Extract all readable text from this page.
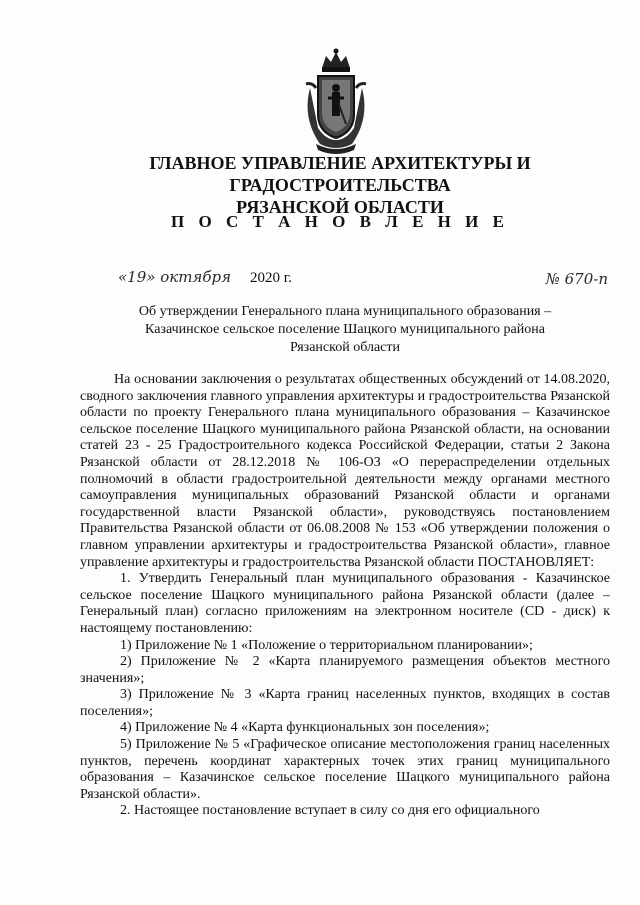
ГЛАВНОЕ УПРАВЛЕНИЕ АРХИТЕКТУРЫ И ГРАДОСТРОИТЕЛЬСТВА
РЯЗАНСКОЙ ОБЛАСТИ
П О С Т А Н О В Л Е Н И Е
«19» октября 2020 г.	№ 670-п
Об утверждении Генерального плана муниципального образования –
Казачинское сельское поселение Шацкого муниципального района
Рязанской области

На основании заключения о результатах общественных обсуждений от 14.08.2020, сводного заключения главного управления архитектуры и градостроительства Рязанской области по проекту Генерального плана муниципального образования – Казачинское сельское поселение Шацкого муниципального района Рязанской области, на основании статей 23 - 25 Градостроительного кодекса Российской Федерации, статьи 2 Закона Рязанской области от 28.12.2018 № 106-ОЗ «О перераспределении отдельных полномочий в области градостроительной деятельности между органами местного самоуправления муниципальных образований Рязанской области и органами государственной власти Рязанской области», руководствуясь постановлением Правительства Рязанской области от 06.08.2008 № 153 «Об утверждении положения о главном управлении архитектуры и градостроительства Рязанской области», главное управление архитектуры и градостроительства Рязанской области ПОСТАНОВЛЯЕТ:

1. Утвердить Генеральный план муниципального образования - Казачинское сельское поселение Шацкого муниципального района Рязанской области (далее – Генеральный план) согласно приложениям на электронном носителе (CD - диск) к настоящему постановлению:

1) Приложение № 1 «Положение о территориальном планировании»;

2) Приложение № 2 «Карта планируемого размещения объектов местного значения»;

3) Приложение № 3 «Карта границ населенных пунктов, входящих в состав поселения»;

4) Приложение № 4 «Карта функциональных зон поселения»;

5) Приложение № 5 «Графическое описание местоположения границ населенных пунктов, перечень координат характерных точек этих границ муниципального образования – Казачинское сельское поселение Шацкого муниципального района Рязанской области».

2. Настоящее постановление вступает в силу со дня его официального
